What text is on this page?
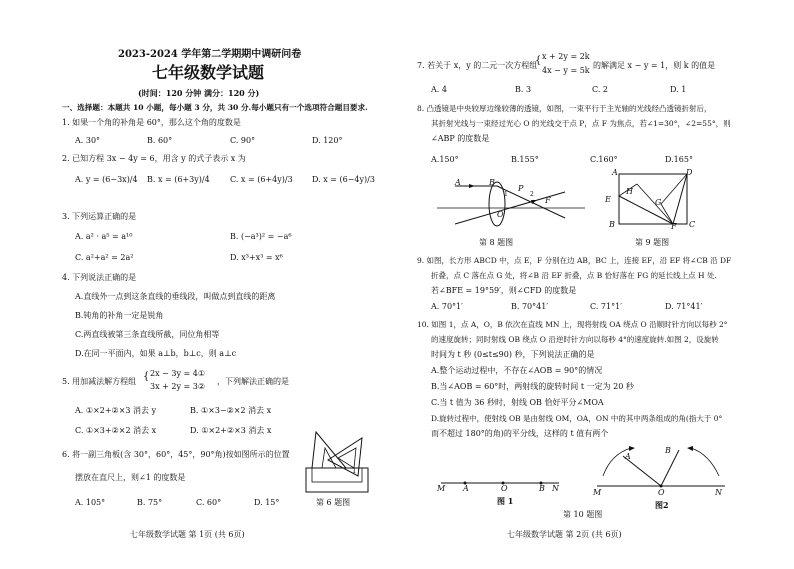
2023-2024 学年第二学期期中调研问卷
七年级数学试题
(时间：120 分钟 满分：120 分)
一、选择题：本题共 10 小题，每小题 3 分，共 30 分.每小题只有一个选项符合题目要求.
1. 如果一个角的补角是 60°，那么这个角的度数是
A. 30°	B. 60°	C. 90°	D. 120°
2. 已知方程 3x − 4y = 6，用含 y 的式子表示 x 为
A. y = (6−3x)/4 B. x = (6+3y)/4	C. x = (6+4y)/3 D. x = (6−4y)/3
3. 下列运算正确的是
A. a² · a⁵ = a¹⁰	B. (−a³)² = −a⁶
C. a²+a² = 2a²	D. x³+x³ = x⁶
4. 下列说法正确的是
A.直线外一点到这条直线的垂线段，叫做点到直线的距离
B.钝角的补角一定是锐角
C.两直线被第三条直线所截，同位角相等
D.在同一平面内，如果 a⊥b，b⊥c，则 a⊥c
5. 用加减法解方程组 { 2x − 3y = 4①
3x + 2y = 3②
，下列解法正确的是
A. ①×2+②×3 消去 y	B. ①×3−②×2 消去 x
C. ①×3+②×2 消去 x	D. ①×2+②×3 消去 x
6. 将一副三角板(含 30°，60°，45°，90°角)按如图所示的位置
摆放在直尺上，则∠1 的度数是
A. 105°	B. 75°	C. 60°	D. 15°
1
第 6 题图
七年级数学试题 第 1页 (共 6页)
7. 若关于 x，y 的二元一次方程组
{ x + 2y = 2k
4x − y = 5k
的解满足 x − y = 1，则 k 的值是
A. 4	B. 3	C. 2	D. 1
8. 凸透镜是中央较厚边缘较薄的透镜，如图，一束平行于主光轴的光线经凸透镜折射后，
其折射光线与一束经过光心 O 的光线交于点 P，点 F 为焦点，若∠1=30°，∠2=55°，则
∠ABP 的度数是
A.150°	B.155°	C.160°	D.165°
A	B
P
1	2
F
O
第 8 题图
A	D
H
E	G
B	F C
第 9 题图
9. 如图，长方形 ABCD 中，点 E，F 分别在边 AB，BC 上，连接 EF，沿 EF 将∠CB 沿 DF
折叠，点 C 落在点 G 处，将∠B 沿 EF 折叠，点 B 恰好落在 FG 的延长线上点 H 处.
若∠BFE = 19°59′，则∠CFD 的度数是
A. 70°1′	B. 70°41′	C. 71°1′	D. 71°41′
10. 如图 1，点 A，O，B 依次在直线 MN 上，现将射线 OA 绕点 O 沿顺时针方向以每秒 2°
的速度旋转；同时射线 OB 绕点 O 沿逆时针方向以每秒 4°的速度旋转.如图 2，设旋转
时间为 t 秒 (0≤t≤90) 秒，下列说法正确的是
A.整个运动过程中，不存在∠AOB = 90°的情况
B.当∠AOB = 60°时，两射线的旋转时间 t 一定为 20 秒
C.当 t 值为 36 秒时，射线 OB 恰好平分∠MOA
D.旋转过程中，使射线 OB 是由射线 OM，OA，ON 中的其中两条组成的角(指大于 0°
而不超过 180°的角)的平分线，这样的 t 值有两个
M A	O	B N
图 1
A
B
M	O	N
图2
第 10 题图
七年级数学试题 第 2页 (共 6页)
